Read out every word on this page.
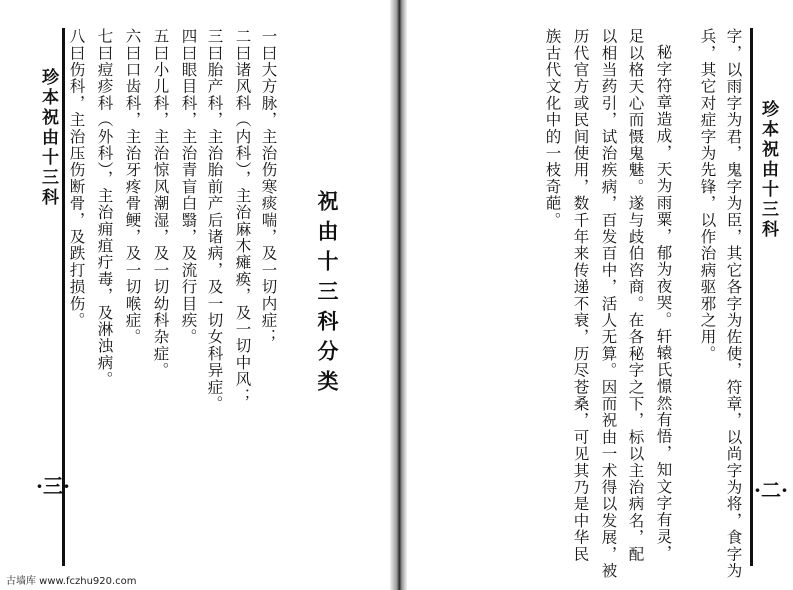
珍本祝由十三科
·三·
八曰伤科，主治压伤断骨，及跌打损伤。 七曰痘疹科（外科），主治痈疽疔毒，及淋浊病。 六曰口齿科，主治牙疼骨鲠，及一切喉症。 五曰小儿科，主治惊风潮湿，及一切幼科杂症。 四曰眼目科，主治青盲白翳，及流行目疾。 三曰胎产科，主治胎前产后诸病，及一切女科异症。 二曰诸风科（内科），主治麻木瘫痪，及一切中风； 一曰大方脉，主治伤寒痰喘，及一切内症； 祝由十三科分类
族古代文化中的一枝奇葩。 历代官方或民间使用，数千年来传递不衰，历尽苍桑，可见其乃是中华民 以相当药引，试治疾病，百发百中，活人无算。因而祝由一术得以发展，被 足以格天心而慑鬼魅。遂与歧伯咨商。在各秘字之下，标以主治病名，配 秘字符章造成，天为雨粟，郁为夜哭。轩辕氏憬然有悟，知文字有灵， 兵，其它对症字为先锋，以作治病驱邪之用。 字，以雨字为君，鬼字为臣，其它各字为佐使，符章，以尚字为将，食字为 珍本祝由十三科
·二·
古墙库 www.fczhu920.com
